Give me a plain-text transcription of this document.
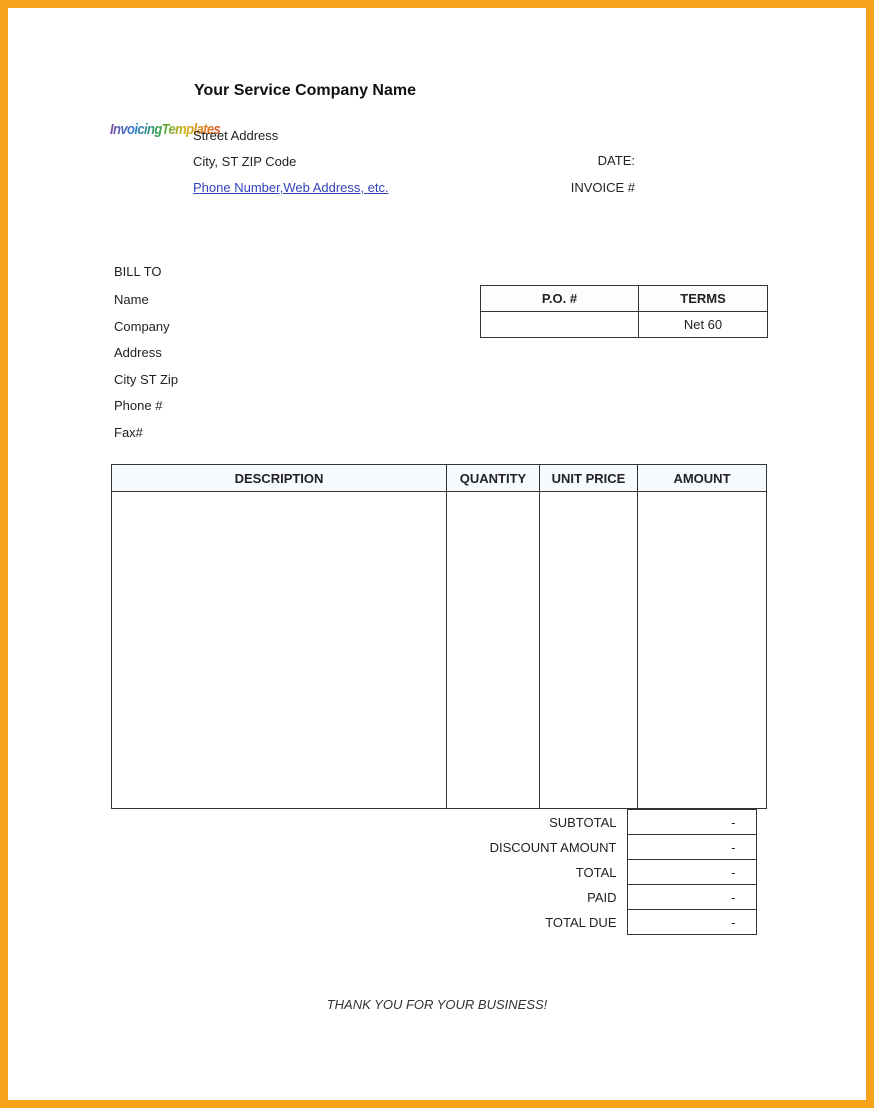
Your Service Company Name
InvoicingTemplates
Street Address
City, ST ZIP Code
Phone Number,Web Address, etc.
DATE:
INVOICE #
BILL TO
Name
Company
Address
City ST Zip
Phone #
Fax#
P.O. #	TERMS
	Net 60
DESCRIPTION	QUANTITY	UNIT PRICE	AMOUNT

SUBTOTAL	-
DISCOUNT AMOUNT	-
TOTAL	-
PAID	-
TOTAL DUE	-
THANK YOU FOR YOUR BUSINESS!
